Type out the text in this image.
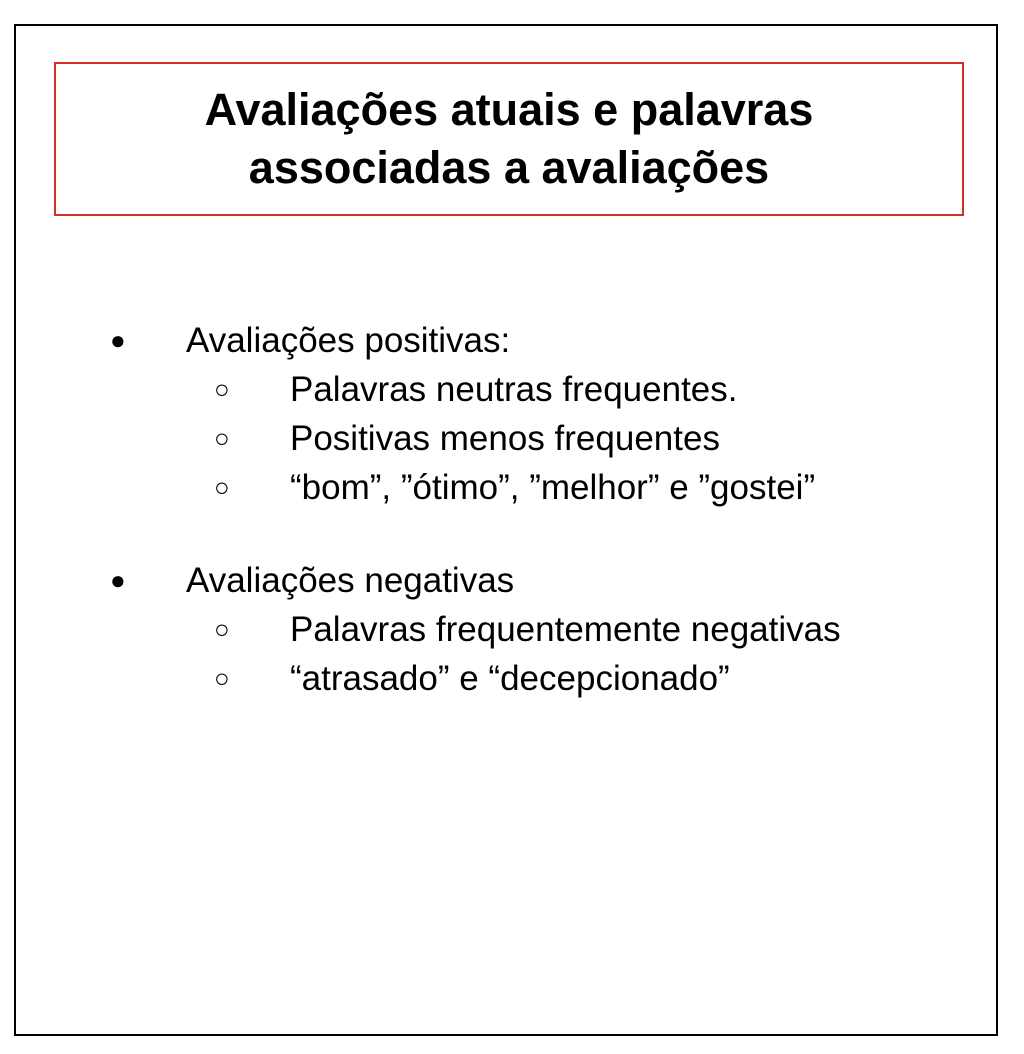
Avaliações atuais e palavras
associadas a avaliações
● Avaliações positivas:
○ Palavras neutras frequentes.
○ Positivas menos frequentes
○ “bom”, ”ótimo”, ”melhor” e ”gostei”
● Avaliações negativas
○ Palavras frequentemente negativas
○ “atrasado” e “decepcionado”
